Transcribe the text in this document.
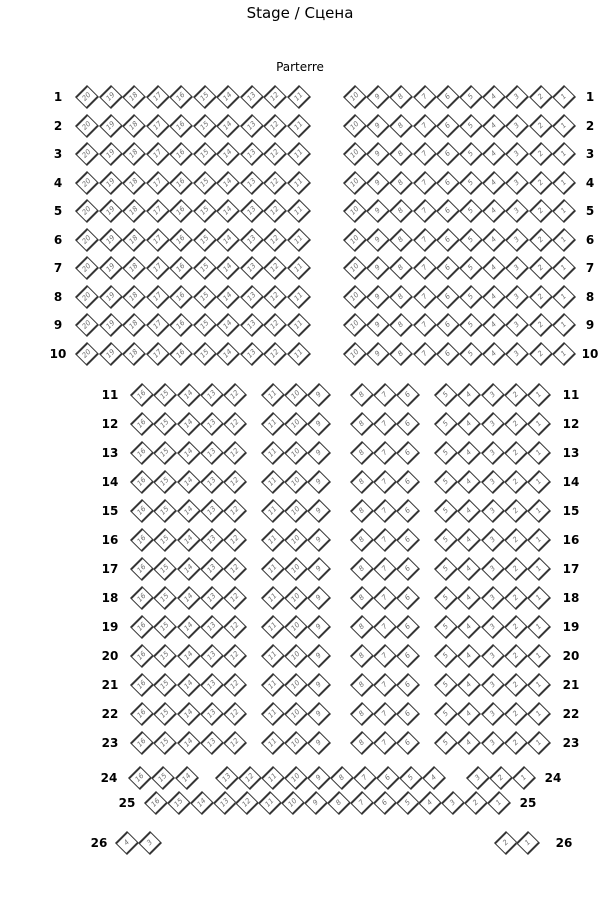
Stage / Сцена
Parterre
1	1
20 19 18 17 16 15 14 13 12 11	10 9 8 7 6 5 4 3 2 1
2	2
20 19 18 17 16 15 14 13 12 11	10 9 8 7 6 5 4 3 2 1
3	3
20 19 18 17 16 15 14 13 12 11	10 9 8 7 6 5 4 3 2 1
4	4
20 19 18 17 16 15 14 13 12 11	10 9 8 7 6 5 4 3 2 1
5	5
20 19 18 17 16 15 14 13 12 11	10 9 8 7 6 5 4 3 2 1
6	6
20 19 18 17 16 15 14 13 12 11	10 9 8 7 6 5 4 3 2 1
7	7
20 19 18 17 16 15 14 13 12 11	10 9 8 7 6 5 4 3 2 1
8	8
20 19 18 17 16 15 14 13 12 11	10 9 8 7 6 5 4 3 2 1
9	9
20 19 18 17 16 15 14 13 12 11	10 9 8 7 6 5 4 3 2 1
10	10
20 19 18 17 16 15 14 13 12 11	10 9 8 7 6 5 4 3 2 1
11	11
16 15 14 13 12	11 10 9	8 7 6	5 4 3 2 1
12	12
16 15 14 13 12	11 10 9	8 7 6	5 4 3 2 1
13	13
16 15 14 13 12	11 10 9	8 7 6	5 4 3 2 1
14	14
16 15 14 13 12	11 10 9	8 7 6	5 4 3 2 1
15	15
16 15 14 13 12	11 10 9	8 7 6	5 4 3 2 1
16	16
16 15 14 13 12	11 10 9	8 7 6	5 4 3 2 1
17	17
16 15 14 13 12	11 10 9	8 7 6	5 4 3 2 1
18	18
16 15 14 13 12	11 10 9	8 7 6	5 4 3 2 1
19	19
16 15 14 13 12	11 10 9	8 7 6	5 4 3 2 1
20	20
16 15 14 13 12	11 10 9	8 7 6	5 4 3 2 1
21	21
16 15 14 13 12	11 10 9	8 7 6	5 4 3 2 1
22	22
16 15 14 13 12	11 10 9	8 7 6	5 4 3 2 1
23	23
16 15 14 13 12	11 10 9	8 7 6	5 4 3 2 1
24	24
16 15 14	13 12 11 10 9 8 7 6 5 4	3 2 1
25	25
16 15 14 13 12 11 10 9 8 7 6 5 4 3 2 1
26	26
4 3	2 1
